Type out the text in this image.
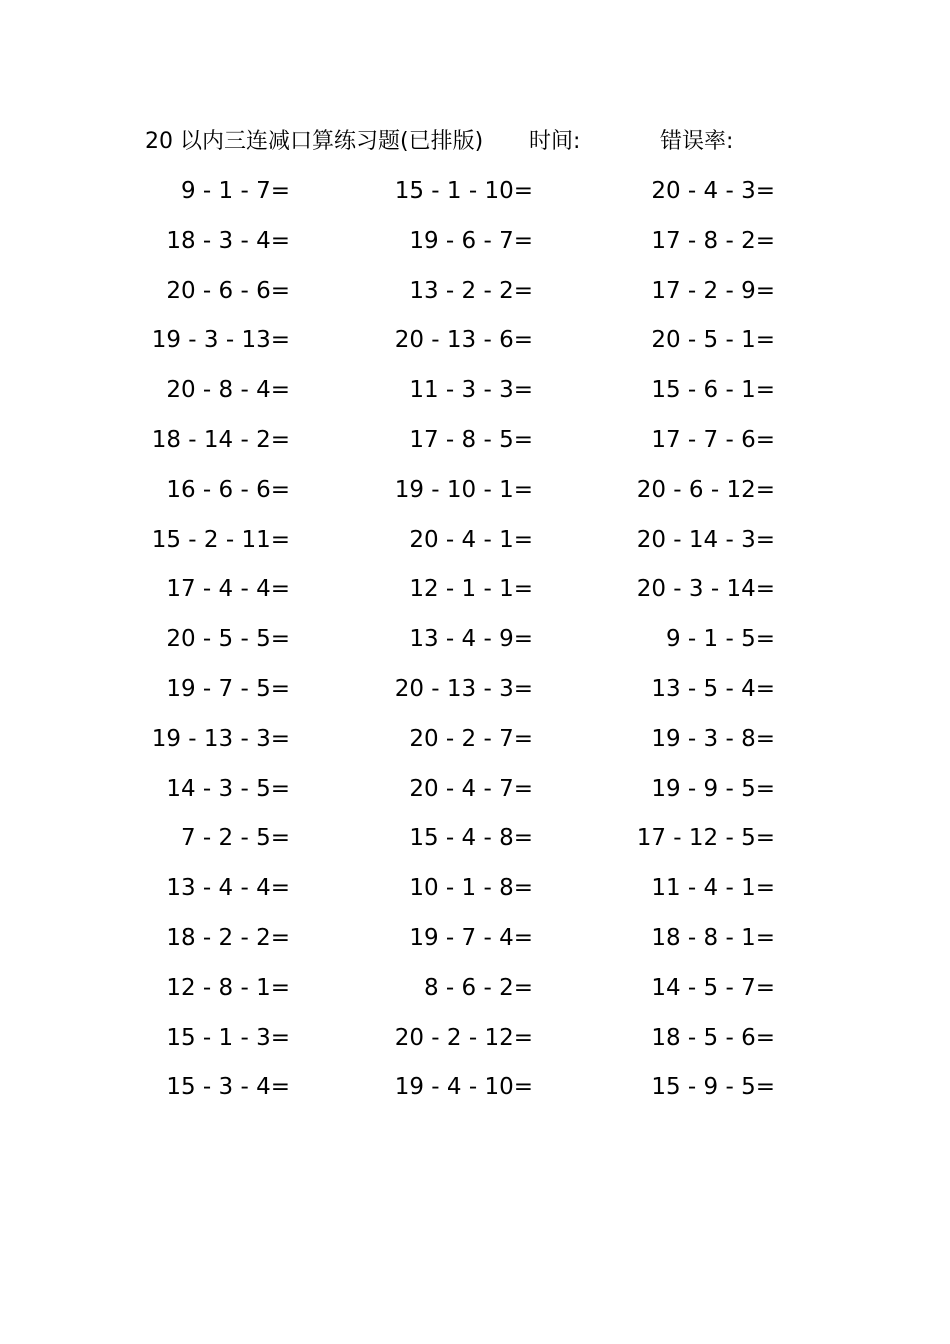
20 以内三连减口算练习题(已排版) 时间:	错误率:
9 - 1 - 7=	15 - 1 - 10=	20 - 4 - 3=
18 - 3 - 4=	19 - 6 - 7=	17 - 8 - 2=
20 - 6 - 6=	13 - 2 - 2=	17 - 2 - 9=
19 - 3 - 13=	20 - 13 - 6=	20 - 5 - 1=
20 - 8 - 4=	11 - 3 - 3=	15 - 6 - 1=
18 - 14 - 2=	17 - 8 - 5=	17 - 7 - 6=
16 - 6 - 6=	19 - 10 - 1=	20 - 6 - 12=
15 - 2 - 11=	20 - 4 - 1=	20 - 14 - 3=
17 - 4 - 4=	12 - 1 - 1=	20 - 3 - 14=
20 - 5 - 5=	13 - 4 - 9=	9 - 1 - 5=
19 - 7 - 5=	20 - 13 - 3=	13 - 5 - 4=
19 - 13 - 3=	20 - 2 - 7=	19 - 3 - 8=
14 - 3 - 5=	20 - 4 - 7=	19 - 9 - 5=
7 - 2 - 5=	15 - 4 - 8=	17 - 12 - 5=
13 - 4 - 4=	10 - 1 - 8=	11 - 4 - 1=
18 - 2 - 2=	19 - 7 - 4=	18 - 8 - 1=
12 - 8 - 1=	8 - 6 - 2=	14 - 5 - 7=
15 - 1 - 3=	20 - 2 - 12=	18 - 5 - 6=
15 - 3 - 4=	19 - 4 - 10=	15 - 9 - 5=
